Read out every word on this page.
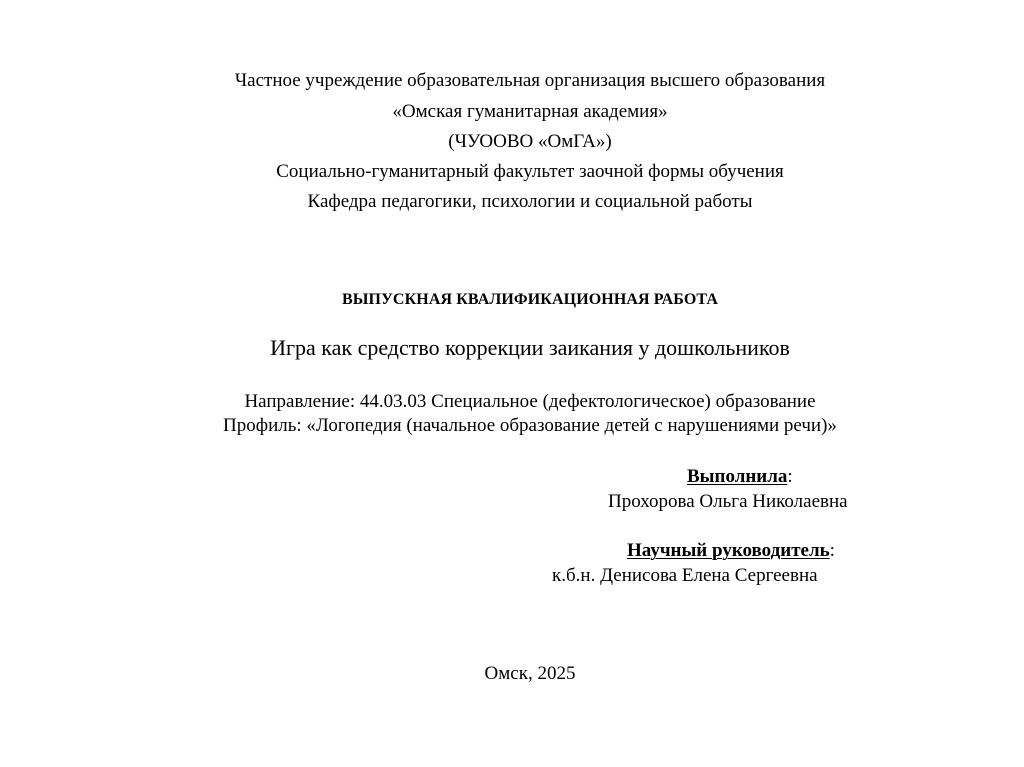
Частное учреждение образовательная организация высшего образования
«Омская гуманитарная академия»
(ЧУООВО «ОмГА»)
Социально-гуманитарный факультет заочной формы обучения
Кафедра педагогики, психологии и социальной работы
ВЫПУСКНАЯ КВАЛИФИКАЦИОННАЯ РАБОТА
Игра как средство коррекции заикания у дошкольников
Направление: 44.03.03 Специальное (дефектологическое) образование
Профиль: «Логопедия (начальное образование детей с нарушениями речи)»
Выполнила:
Прохорова Ольга Николаевна
Научный руководитель:
к.б.н. Денисова Елена Сергеевна
Омск, 2025
